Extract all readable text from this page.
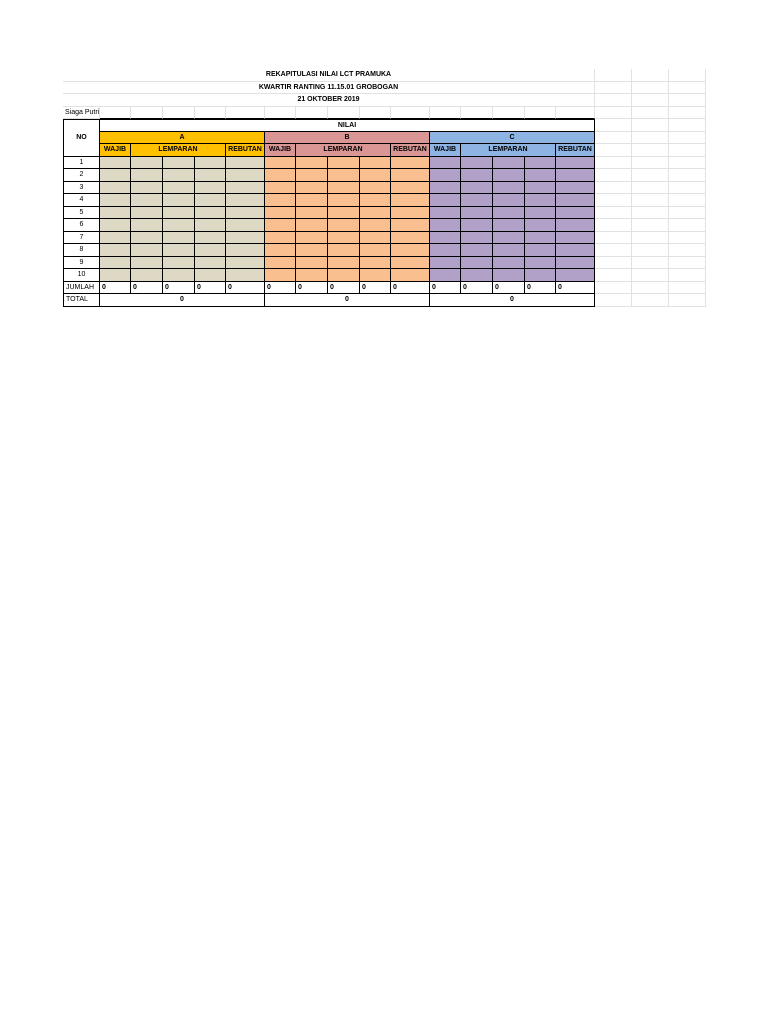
REKAPITULASI NILAI LCT PRAMUKA
KWARTIR RANTING 11.15.01 GROBOGAN
21 OKTOBER 2019
Siaga Putri
NO
NILAI
A	B	C
WAJIB	LEMPARAN	REBUTAN	WAJIB	LEMPARAN	REBUTAN	WAJIB	LEMPARAN	REBUTAN
1
2
3
4
5
6
7
8
9
10
JUMLAH	0	0	0	0	0	0	0	0	0	0	0	0	0	0	0
TOTAL	0	0	0
